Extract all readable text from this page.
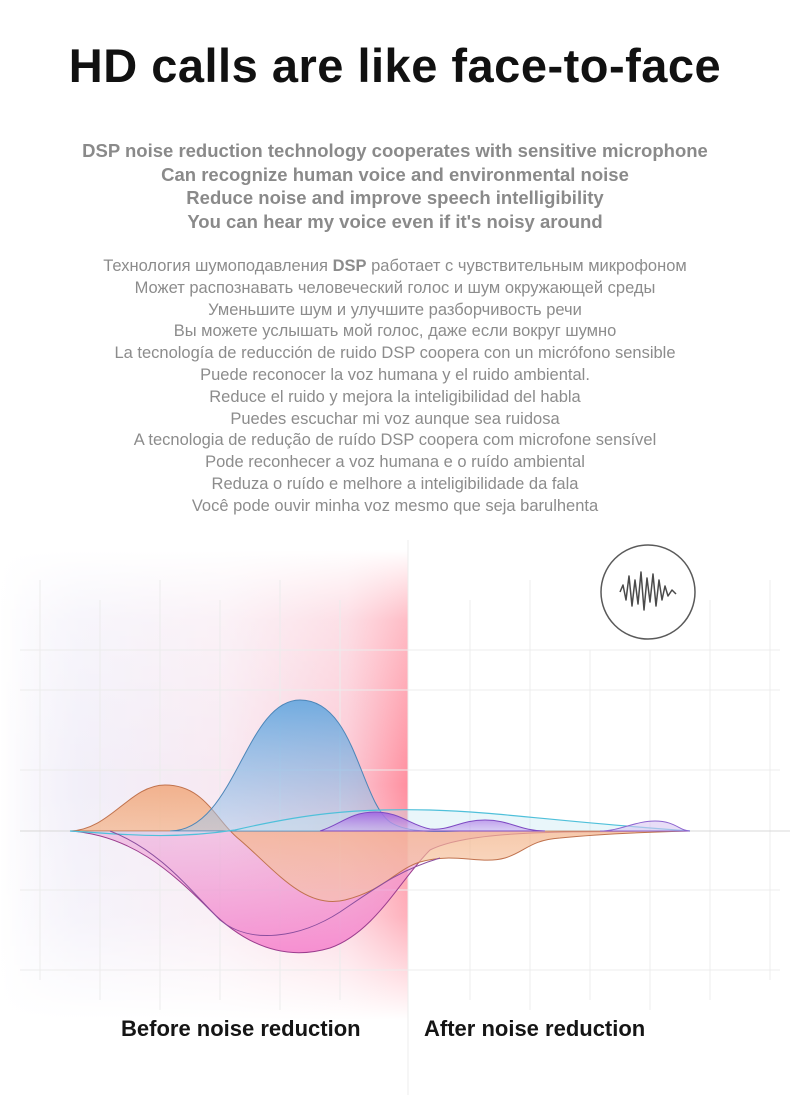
HD calls are like face-to-face
DSP noise reduction technology cooperates with sensitive microphone
Can recognize human voice and environmental noise
Reduce noise and improve speech intelligibility
You can hear my voice even if it's noisy around
Технология шумоподавления DSP работает с чувствительным микрофоном
Может распознавать человеческий голос и шум окружающей среды
Уменьшите шум и улучшите разборчивость речи
Вы можете услышать мой голос, даже если вокруг шумно
La tecnología de reducción de ruido DSP coopera con un micrófono sensible
Puede reconocer la voz humana y el ruido ambiental.
Reduce el ruido y mejora la inteligibilidad del habla
Puedes escuchar mi voz aunque sea ruidosa
A tecnologia de redução de ruído DSP coopera com microfone sensível
Pode reconhecer a voz humana e o ruído ambiental
Reduza o ruído e melhore a inteligibilidade da fala
Você pode ouvir minha voz mesmo que seja barulhenta
Before noise reduction	After noise reduction
